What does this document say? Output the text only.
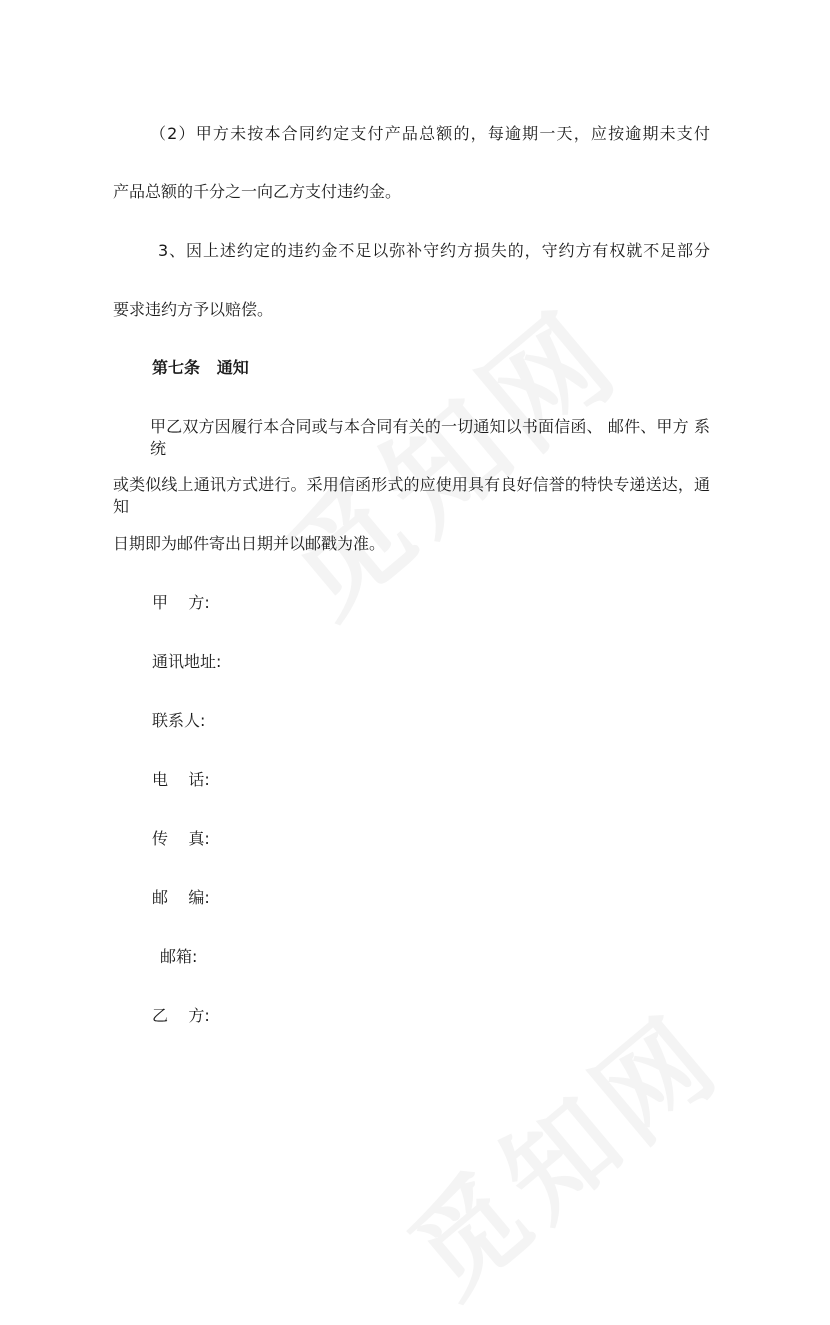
（2）甲方未按本合同约定支付产品总额的，每逾期一天，应按逾期未支付
产品总额的千分之一向乙方支付违约金。
3、因上述约定的违约金不足以弥补守约方损失的，守约方有权就不足部分
要求违约方予以赔偿。
第七条   通知
甲乙双方因履行本合同或与本合同有关的一切通知以书面信函、 邮件、甲方 系统
或类似线上通讯方式进行。采用信函形式的应使用具有良好信誉的特快专递送达，通知
日期即为邮件寄出日期并以邮戳为准。
甲    方:
通讯地址:
联系人:
电    话:
传    真:
邮    编:
邮箱:
乙    方:
